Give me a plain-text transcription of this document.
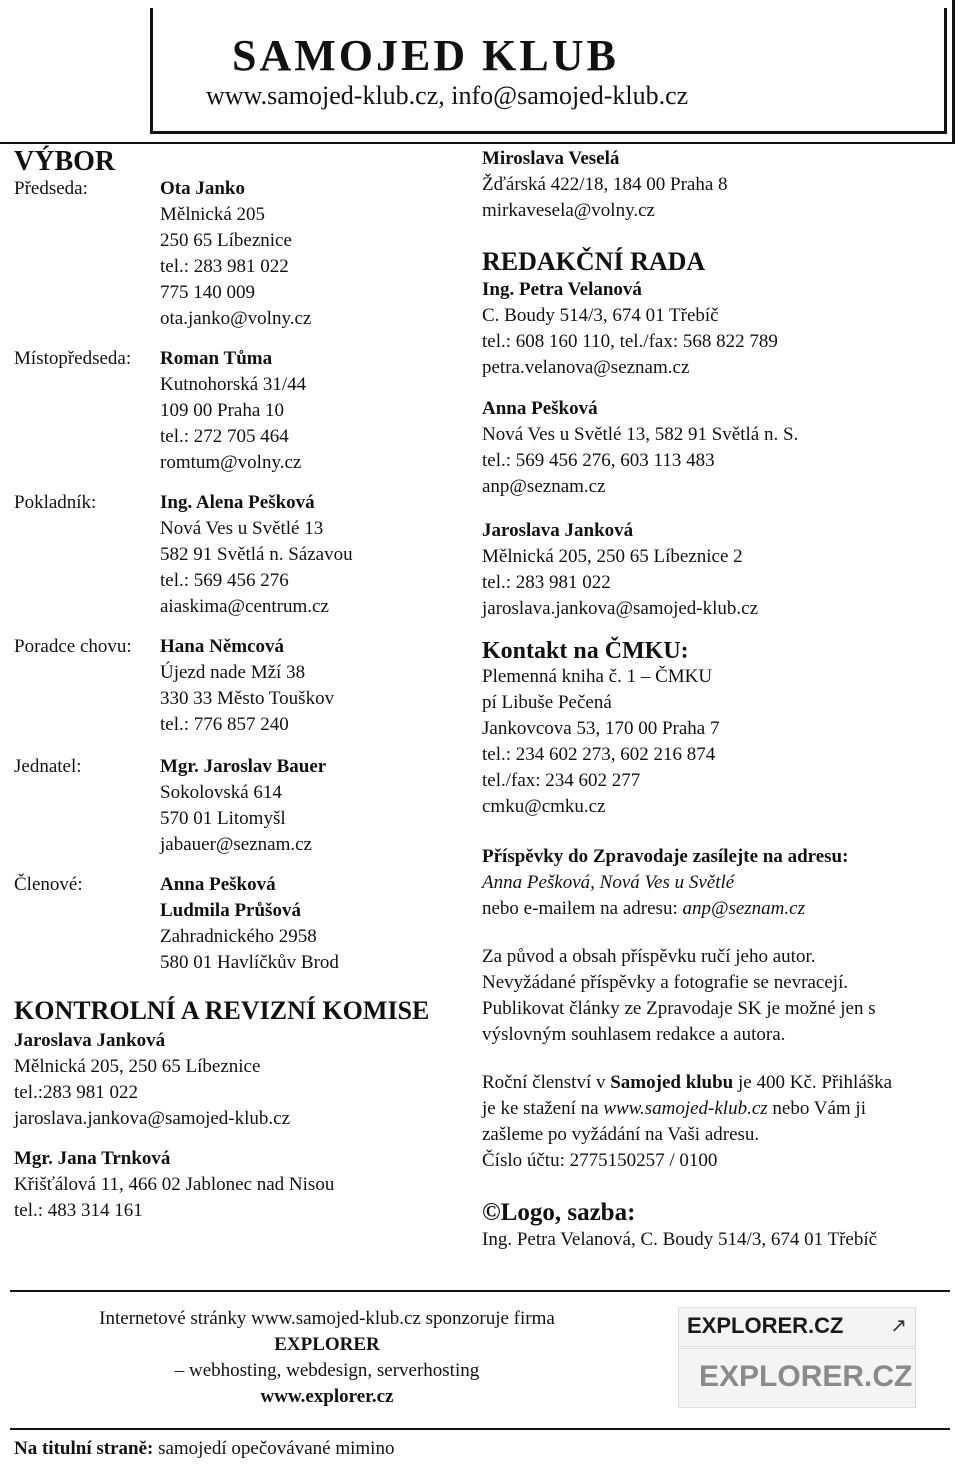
SAMOJED KLUB
www.samojed-klub.cz, info@samojed-klub.cz
VÝBOR
Předseda:	Ota Janko
Mělnická 205
250 65 Líbeznice
tel.: 283 981 022
775 140 009
ota.janko@volny.cz
Místopředseda: Roman Tůma
Kutnohorská 31/44
109 00 Praha 10
tel.: 272 705 464
romtum@volny.cz
Pokladník:	Ing. Alena Pešková
Nová Ves u Světlé 13
582 91 Světlá n. Sázavou
tel.: 569 456 276
aiaskima@centrum.cz
Poradce chovu: Hana Němcová
Újezd nade Mží 38
330 33 Město Touškov
tel.: 776 857 240
Jednatel:	Mgr. Jaroslav Bauer
Sokolovská 614
570 01 Litomyšl
jabauer@seznam.cz
Členové:	Anna Pešková
Ludmila Průšová
Zahradnického 2958
580 01 Havlíčkův Brod
KONTROLNÍ A REVIZNÍ KOMISE
Jaroslava Janková
Mělnická 205, 250 65 Líbeznice
tel.:283 981 022
jaroslava.jankova@samojed-klub.cz
Mgr. Jana Trnková
Křišťálová 11, 466 02 Jablonec nad Nisou
tel.: 483 314 161
Miroslava Veselá
Žďárská 422/18, 184 00 Praha 8
mirkavesela@volny.cz
REDAKČNÍ RADA
Ing. Petra Velanová
C. Boudy 514/3, 674 01 Třebíč
tel.: 608 160 110, tel./fax: 568 822 789
petra.velanova@seznam.cz
Anna Pešková
Nová Ves u Světlé 13, 582 91 Světlá n. S.
tel.: 569 456 276, 603 113 483
anp@seznam.cz
Jaroslava Janková
Mělnická 205, 250 65 Líbeznice 2
tel.: 283 981 022
jaroslava.jankova@samojed-klub.cz
Kontakt na ČMKU:
Plemenná kniha č. 1 – ČMKU
pí Libuše Pečená
Jankovcova 53, 170 00 Praha 7
tel.: 234 602 273, 602 216 874
tel./fax: 234 602 277
cmku@cmku.cz
Příspěvky do Zpravodaje zasílejte na adresu:
Anna Pešková, Nová Ves u Světlé
nebo e-mailem na adresu: anp@seznam.cz
Za původ a obsah příspěvku ručí jeho autor.
Nevyžádané příspěvky a fotografie se nevracejí.
Publikovat články ze Zpravodaje SK je možné jen s
výslovným souhlasem redakce a autora.
Roční členství v Samojed klubu je 400 Kč. Přihláška
je ke stažení na www.samojed-klub.cz nebo Vám ji
zašleme po vyžádání na Vaši adresu.
Číslo účtu: 2775150257 / 0100
©Logo, sazba:
Ing. Petra Velanová, C. Boudy 514/3, 674 01 Třebíč
Internetové stránky www.samojed-klub.cz sponzoruje firma
EXPLORER
– webhosting, webdesign, serverhosting
www.explorer.cz
EXPLORER.CZ ↗
EXPLORER.CZ
Na titulní straně: samojedí opečovávané mimino
